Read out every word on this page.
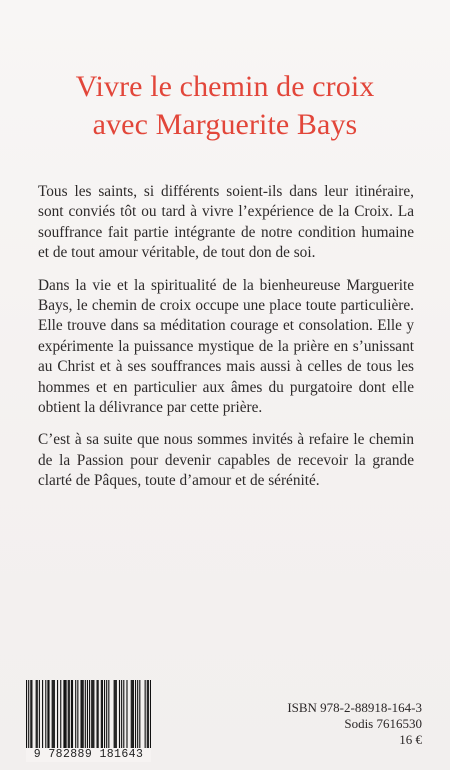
Vivre le chemin de croix
avec Marguerite Bays

Tous les saints, si différents soient-ils dans leur itinéraire, sont conviés tôt ou tard à vivre l’expérience de la Croix. La souffrance fait partie intégrante de notre condition humaine et de tout amour véritable, de tout don de soi.

Dans la vie et la spiritualité de la bienheureuse Marguerite Bays, le chemin de croix occupe une place toute particulière. Elle trouve dans sa méditation courage et consolation. Elle y expérimente la puissance mystique de la prière en s’unissant au Christ et à ses souffrances mais aussi à celles de tous les hommes et en particulier aux âmes du purgatoire dont elle obtient la délivrance par cette prière.

C’est à sa suite que nous sommes invités à refaire le chemin de la Passion pour devenir capables de recevoir la grande clarté de Pâques, toute d’amour et de sérénité.

9 782889 181643
ISBN 978-2-88918-164-3
Sodis 7616530
16 €
